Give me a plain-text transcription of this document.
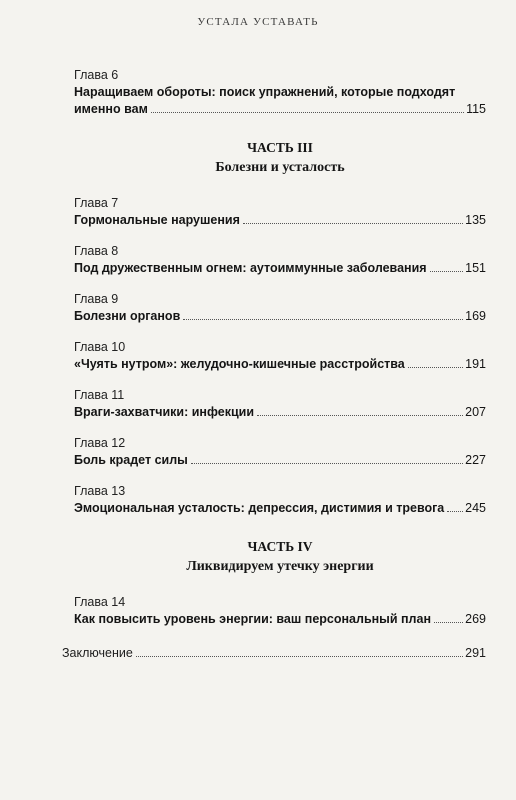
УСТАЛА УСТАВАТЬ
Глава 6
Наращиваем обороты: поиск упражнений, которые подходят
именно вам	115
ЧАСТЬ III
Болезни и усталость
Глава 7
Гормональные нарушения	135
Глава 8
Под дружественным огнем: аутоиммунные заболевания	151
Глава 9
Болезни органов	169
Глава 10
«Чуять нутром»: желудочно-кишечные расстройства	191
Глава 11
Враги-захватчики: инфекции	207
Глава 12
Боль крадет силы	227
Глава 13
Эмоциональная усталость: депрессия, дистимия и тревога 245
ЧАСТЬ IV
Ликвидируем утечку энергии
Глава 14
Как повысить уровень энергии: ваш персональный план	269
Заключение	291
